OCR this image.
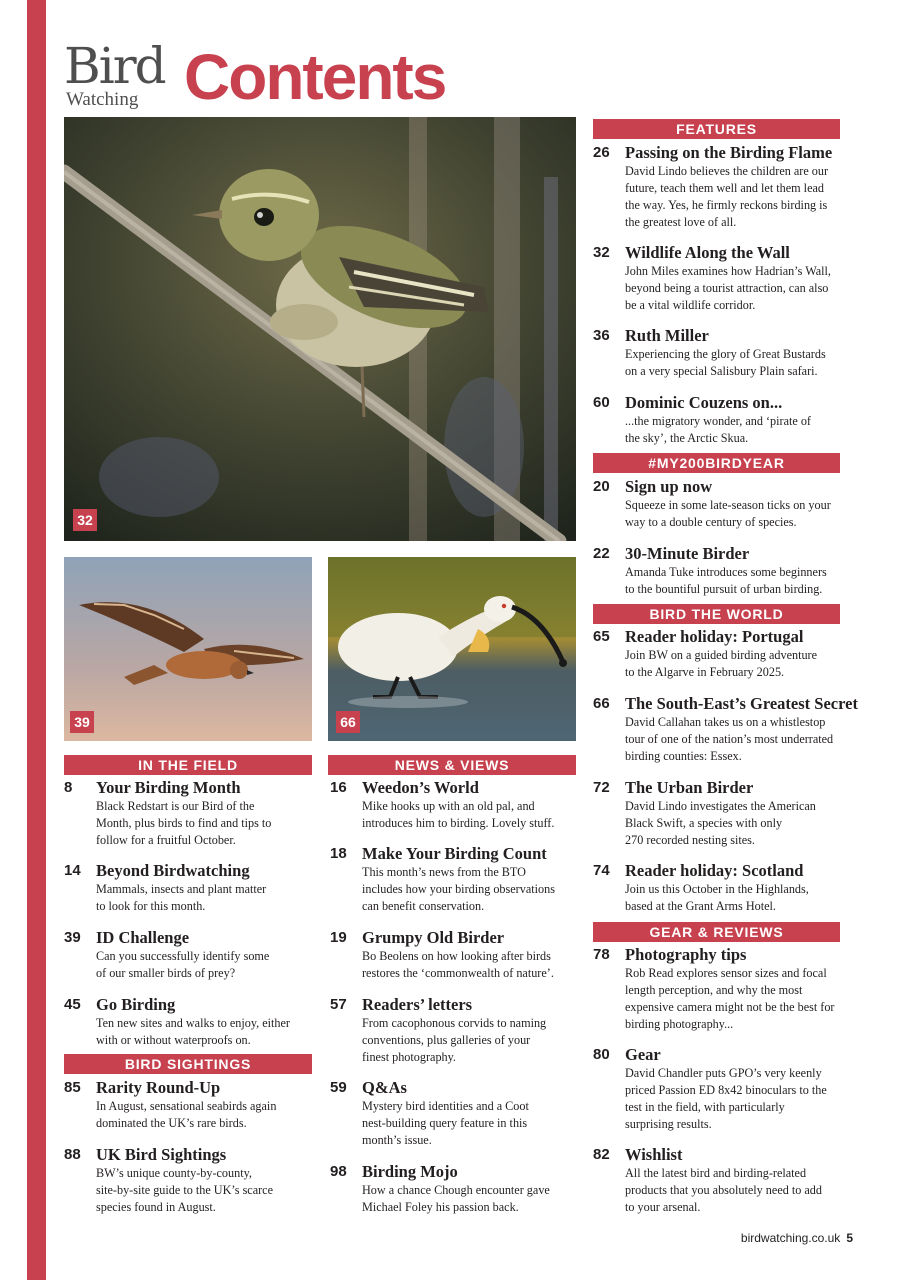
Bird
Watching Contents
32
39	66
IN THE FIELD
8 Your Birding Month
Black Redstart is our Bird of the
Month, plus birds to find and tips to
follow for a fruitful October.
14 Beyond Birdwatching
Mammals, insects and plant matter
to look for this month.
39 ID Challenge
Can you successfully identify some
of our smaller birds of prey?
45 Go Birding
Ten new sites and walks to enjoy, either
with or without waterproofs on.
BIRD SIGHTINGS
85 Rarity Round-Up
In August, sensational seabirds again
dominated the UK’s rare birds.
88 UK Bird Sightings
BW’s unique county-by-county,
site-by-site guide to the UK’s scarce
species found in August.
NEWS & VIEWS
16 Weedon’s World
Mike hooks up with an old pal, and
introduces him to birding. Lovely stuff.
18 Make Your Birding Count
This month’s news from the BTO
includes how your birding observations
can benefit conservation.
19 Grumpy Old Birder
Bo Beolens on how looking after birds
restores the ‘commonwealth of nature’.
57 Readers’ letters
From cacophonous corvids to naming
conventions, plus galleries of your
finest photography.
59 Q&As
Mystery bird identities and a Coot
nest-building query feature in this
month’s issue.
98 Birding Mojo
How a chance Chough encounter gave
Michael Foley his passion back.
FEATURES
26 Passing on the Birding Flame
David Lindo believes the children are our
future, teach them well and let them lead
the way. Yes, he firmly reckons birding is
the greatest love of all.
32 Wildlife Along the Wall
John Miles examines how Hadrian’s Wall,
beyond being a tourist attraction, can also
be a vital wildlife corridor.
36 Ruth Miller
Experiencing the glory of Great Bustards
on a very special Salisbury Plain safari.
60 Dominic Couzens on...
...the migratory wonder, and ‘pirate of
the sky’, the Arctic Skua.
#MY200BIRDYEAR
20 Sign up now
Squeeze in some late-season ticks on your
way to a double century of species.
22 30-Minute Birder
Amanda Tuke introduces some beginners
to the bountiful pursuit of urban birding.
BIRD THE WORLD
65 Reader holiday: Portugal
Join BW on a guided birding adventure
to the Algarve in February 2025.
66 The South-East’s Greatest Secret
David Callahan takes us on a whistlestop
tour of one of the nation’s most underrated
birding counties: Essex.
72 The Urban Birder
David Lindo investigates the American
Black Swift, a species with only
270 recorded nesting sites.
74 Reader holiday: Scotland
Join us this October in the Highlands,
based at the Grant Arms Hotel.
GEAR & REVIEWS
78 Photography tips
Rob Read explores sensor sizes and focal
length perception, and why the most
expensive camera might not be the best for
birding photography...
80 Gear
David Chandler puts GPO’s very keenly
priced Passion ED 8x42 binoculars to the
test in the field, with particularly
surprising results.
82 Wishlist
All the latest bird and birding-related
products that you absolutely need to add
to your arsenal.
birdwatching.co.uk 5
